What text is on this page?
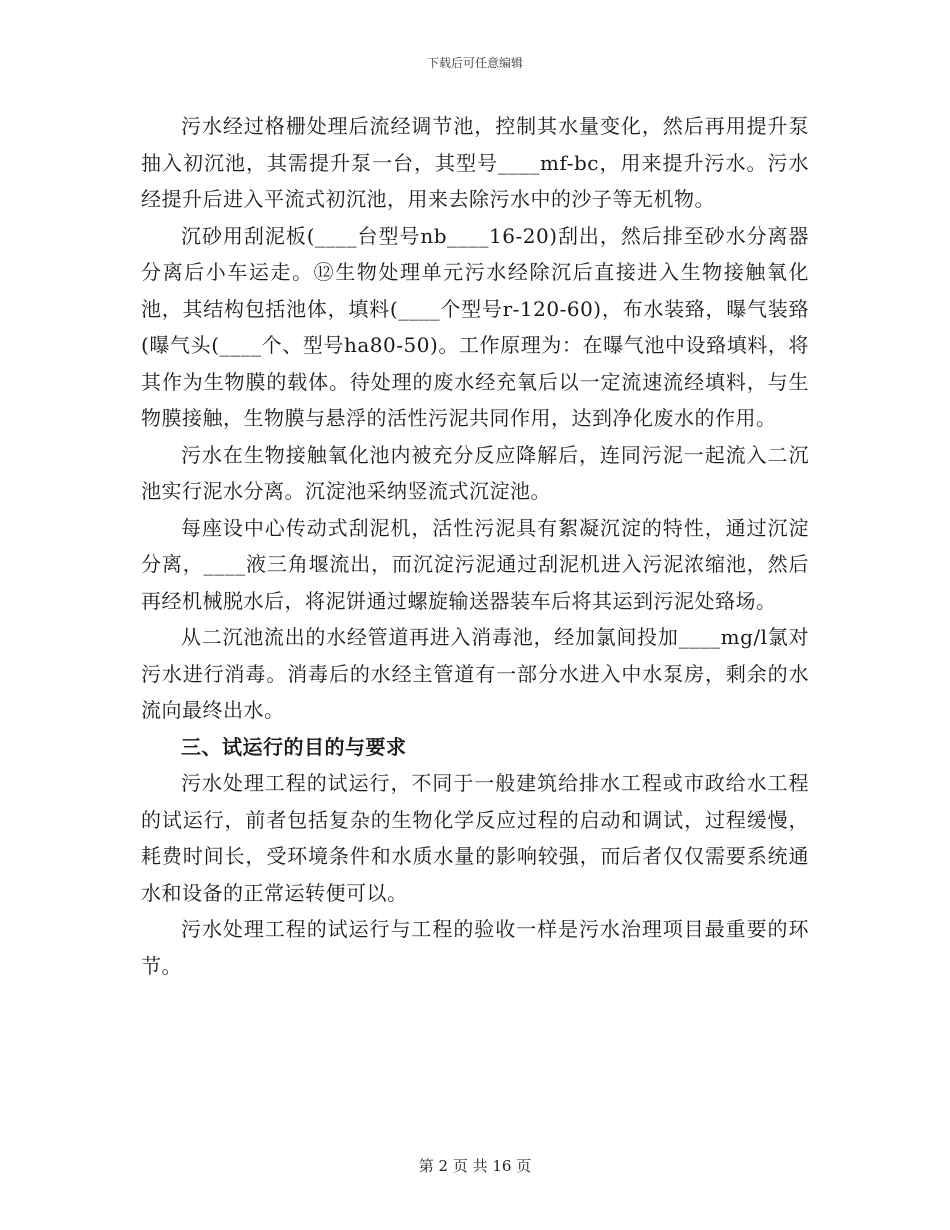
下载后可任意编辑

污水经过格栅处理后流经调节池，控制其水量变化，然后再用提升泵抽入初沉池，其需提升泵一台，其型号____mf-bc，用来提升污水。污水经提升后进入平流式初沉池，用来去除污水中的沙子等无机物。

沉砂用刮泥板(____台型号nb____16-20)刮出，然后排至砂水分离器分离后小车运走。⑫生物处理单元污水经除沉后直接进入生物接触氧化池，其结构包括池体，填料(____个型号r-120-60)，布水装臵，曝气装臵(曝气头(____个、型号ha80-50)。工作原理为：在曝气池中设臵填料，将其作为生物膜的载体。待处理的废水经充氧后以一定流速流经填料，与生物膜接触，生物膜与悬浮的活性污泥共同作用，达到净化废水的作用。

污水在生物接触氧化池内被充分反应降解后，连同污泥一起流入二沉池实行泥水分离。沉淀池采纳竖流式沉淀池。

每座设中心传动式刮泥机，活性污泥具有絮凝沉淀的特性，通过沉淀分离，____液三角堰流出，而沉淀污泥通过刮泥机进入污泥浓缩池，然后再经机械脱水后，将泥饼通过螺旋输送器装车后将其运到污泥处臵场。

从二沉池流出的水经管道再进入消毒池，经加氯间投加____mg/l氯对污水进行消毒。消毒后的水经主管道有一部分水进入中水泵房，剩余的水流向最终出水。

三、试运行的目的与要求

污水处理工程的试运行，不同于一般建筑给排水工程或市政给水工程的试运行，前者包括复杂的生物化学反应过程的启动和调试，过程缓慢，耗费时间长，受环境条件和水质水量的影响较强，而后者仅仅需要系统通水和设备的正常运转便可以。

污水处理工程的试运行与工程的验收一样是污水治理项目最重要的环节。

第 2 页 共 16 页
